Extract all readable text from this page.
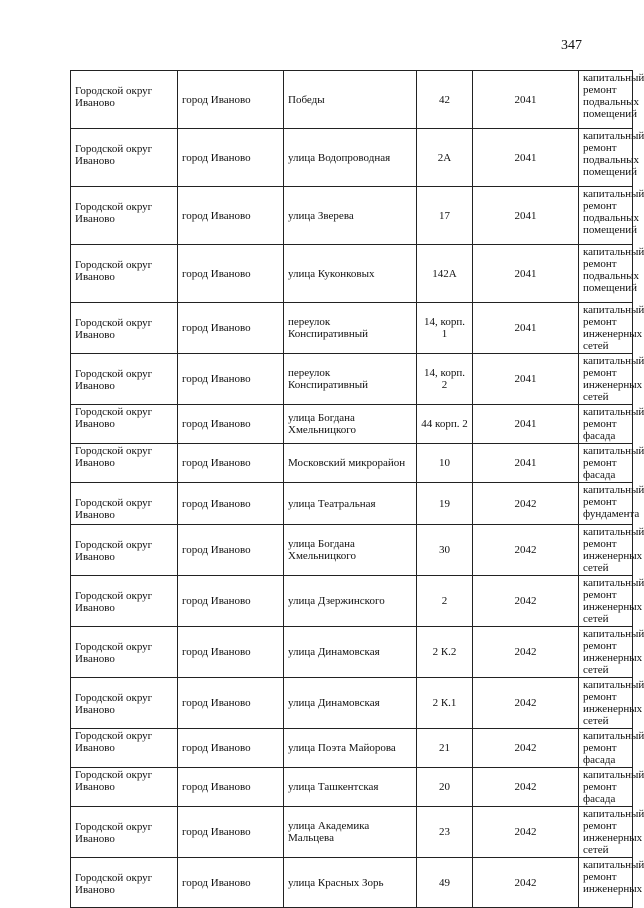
347
Городской округ Иваново	город Иваново	Победы	42	2041	капитальный ремонт подвальных помещений
Городской округ Иваново	город Иваново	улица Водопроводная	2А	2041	капитальный ремонт подвальных помещений
Городской округ Иваново	город Иваново	улица Зверева	17	2041	капитальный ремонт подвальных помещений
Городской округ Иваново	город Иваново	улица Куконковых	142А	2041	капитальный ремонт подвальных помещений
Городской округ Иваново	город Иваново	переулок Конспиративный	14, корп. 1	2041	капитальный ремонт инженерных сетей
Городской округ Иваново	город Иваново	переулок Конспиративный	14, корп. 2	2041	капитальный ремонт инженерных сетей
Городской округ Иваново	город Иваново	улица Богдана Хмельницкого	44 корп. 2	2041	капитальный ремонт фасада
Городской округ Иваново	город Иваново	Московский микрорайон	10	2041	капитальный ремонт фасада
Городской округ Иваново	город Иваново	улица Театральная	19	2042	капитальный ремонт фундамента
Городской округ Иваново	город Иваново	улица Богдана Хмельницкого	30	2042	капитальный ремонт инженерных сетей
Городской округ Иваново	город Иваново	улица Дзержинского	2	2042	капитальный ремонт инженерных сетей
Городской округ Иваново	город Иваново	улица Динамовская	2 К.2	2042	капитальный ремонт инженерных сетей
Городской округ Иваново	город Иваново	улица Динамовская	2 К.1	2042	капитальный ремонт инженерных сетей
Городской округ Иваново	город Иваново	улица Поэта Майорова	21	2042	капитальный ремонт фасада
Городской округ Иваново	город Иваново	улица Ташкентская	20	2042	капитальный ремонт фасада
Городской округ Иваново	город Иваново	улица Академика Мальцева	23	2042	капитальный ремонт инженерных сетей
Городской округ Иваново	город Иваново	улица Красных Зорь	49	2042	капитальный ремонт инженерных
